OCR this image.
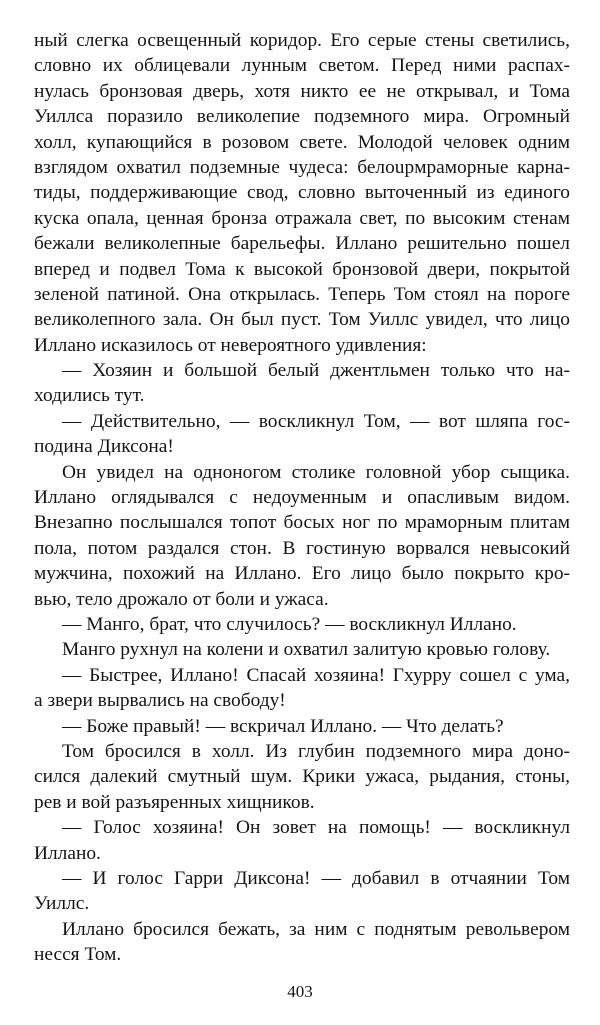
ный слегка освещенный коридор. Его серые стены светились,
словно их облицевали лунным светом. Перед ними распах-
нулась бронзовая дверь, хотя никто ее не открывал, и Тома
Уиллса поразило великолепие подземного мира. Огромный
холл, купающийся в розовом свете. Молодой человек одним
взглядом охватил подземные чудеса: белоupмраморные карна-
тиды, поддерживающие свод, словно выточенный из единого
куска опала, ценная бронза отражала свет, по высоким стенам
бежали великолепные барельефы. Иллано решительно пошел
вперед и подвел Тома к высокой бронзовой двери, покрытой
зеленой патиной. Она открылась. Теперь Том стоял на пороге
великолепного зала. Он был пуст. Том Уиллс увидел, что лицо
Иллано исказилось от невероятного удивления:
— Хозяин и большой белый джентльмен только что на-
ходились тут.
— Действительно, — воскликнул Том, — вот шляпа гос-
подина Диксона!
Он увидел на одноногом столике головной убор сыщика.
Иллано оглядывался с недоуменным и опасливым видом.
Внезапно послышался топот босых ног по мраморным плитам
пола, потом раздался стон. В гостиную ворвался невысокий
мужчина, похожий на Иллано. Его лицо было покрыто кро-
вью, тело дрожало от боли и ужаса.
— Манго, брат, что случилось? — воскликнул Иллано.
Манго рухнул на колени и охватил залитую кровью голову.
— Быстрее, Иллано! Спасай хозяина! Гхурру сошел с ума,
а звери вырвались на свободу!
— Боже правый! — вскричал Иллано. — Что делать?
Том бросился в холл. Из глубин подземного мира доно-
сился далекий смутный шум. Крики ужаса, рыдания, стоны,
рев и вой разъяренных хищников.
— Голос хозяина! Он зовет на помощь! — воскликнул
Иллано.
— И голос Гарри Диксона! — добавил в отчаянии Том
Уиллс.
Иллано бросился бежать, за ним с поднятым револьвером
несся Том.
403
